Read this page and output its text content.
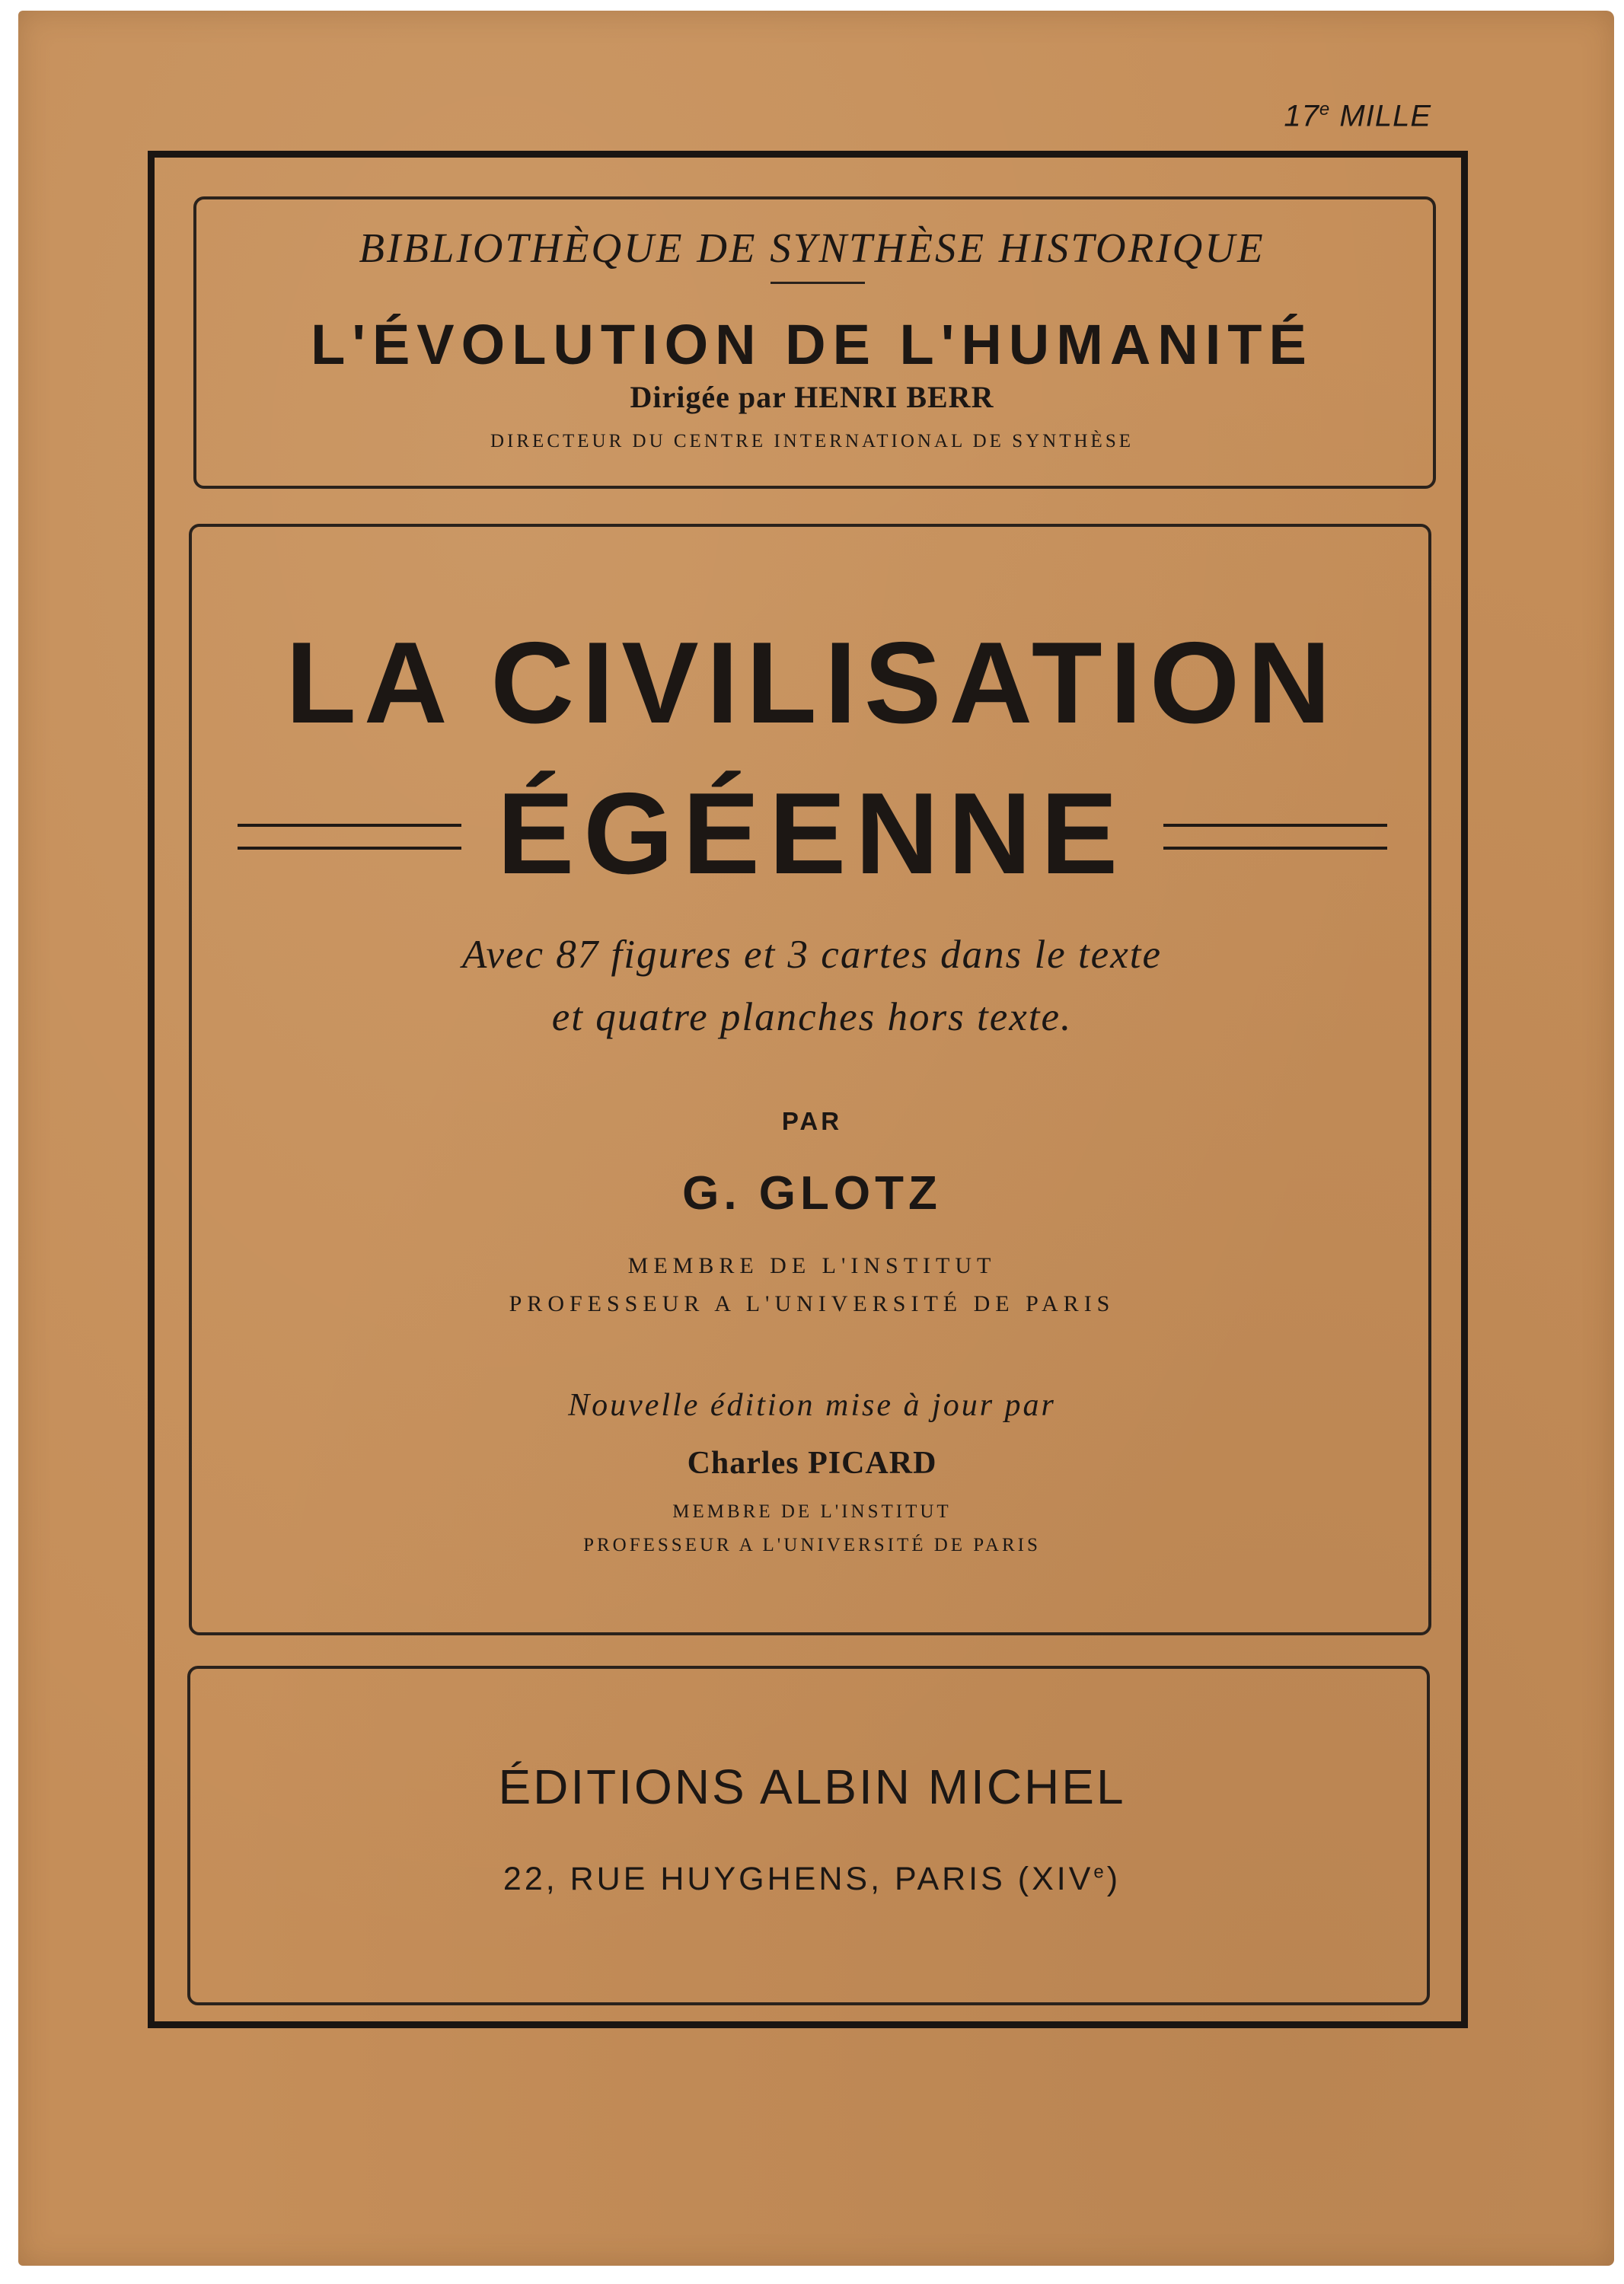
17e MILLE

BIBLIOTHÈQUE DE SYNTHÈSE HISTORIQUE

L'ÉVOLUTION DE L'HUMANITÉ

Dirigée par HENRI BERR

DIRECTEUR DU CENTRE INTERNATIONAL DE SYNTHÈSE

LA CIVILISATION
ÉGÉENNE

Avec 87 figures et 3 cartes dans le texte

et quatre planches hors texte.

PAR

G. GLOTZ

MEMBRE DE L'INSTITUT

PROFESSEUR A L'UNIVERSITÉ DE PARIS

Nouvelle édition mise à jour par

Charles PICARD

MEMBRE DE L'INSTITUT

PROFESSEUR A L'UNIVERSITÉ DE PARIS

ÉDITIONS ALBIN MICHEL

22, RUE HUYGHENS, PARIS (XIVe)
